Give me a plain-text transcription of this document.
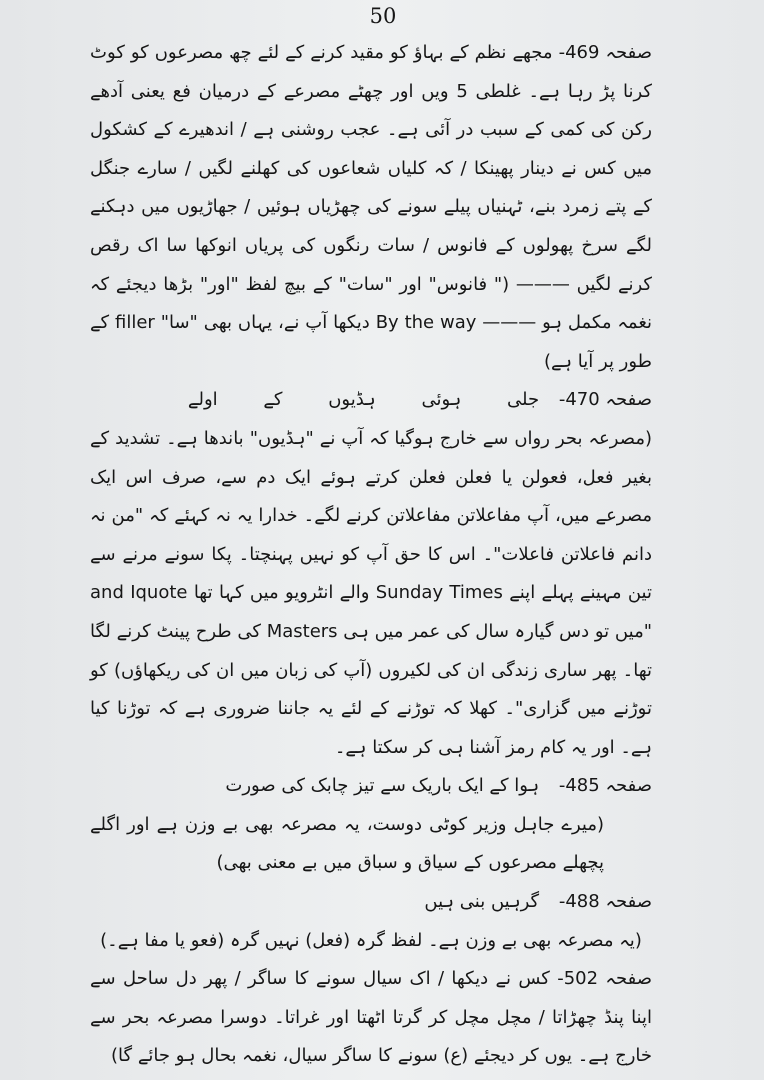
50

صفحہ 469- مجھے نظم کے بہاؤ کو مقید کرنے کے لئے چھ مصرعوں کو کوٹ کرنا پڑ رہا ہے۔ غلطی 5 ویں اور چھٹے مصرعے کے درمیان فع یعنی آدھے رکن کی کمی کے سبب در آئی ہے۔ عجب روشنی ہے / اندھیرے کے کشکول میں کس نے دینار پھینکا / کہ کلیاں شعاعوں کی کھلنے لگیں / سارے جنگل کے پتے زمرد بنے، ٹہنیاں پیلے سونے کی چھڑیاں ہوئیں / جھاڑیوں میں دہکنے لگے سرخ پھولوں کے فانوس / سات رنگوں کی پریاں انوکھا سا اک رقص کرنے لگیں ——— (" فانوس" اور "سات" کے بیچ لفظ "اور" بڑھا دیجئے کہ نغمہ مکمل ہو ——— By the way دیکھا آپ نے، یہاں بھی "سا" filler کے طور پر آیا ہے)

صفحہ 470- جلی ہوئی ہڈیوں کے اولے

(مصرعہ بحر رواں سے خارج ہوگیا کہ آپ نے "ہڈیوں" باندھا ہے۔ تشدید کے بغیر فعل، فعولن یا فعلن فعلن کرتے ہوئے ایک دم سے، صرف اس ایک مصرعے میں، آپ مفاعلاتن مفاعلاتن کرنے لگے۔ خدارا یہ نہ کہئے کہ "من نہ دانم فاعلاتن فاعلات"۔ اس کا حق آپ کو نہیں پہنچتا۔ پکا سونے مرنے سے تین مہینے پہلے اپنے Sunday Times والے انٹرویو میں کہا تھا and Iquote "میں تو دس گیارہ سال کی عمر میں ہی Masters کی طرح پینٹ کرنے لگا تھا۔ پھر ساری زندگی ان کی لکیروں (آپ کی زبان میں ان کی ریکھاؤں) کو توڑنے میں گزاری"۔ کھلا کہ توڑنے کے لئے یہ جاننا ضروری ہے کہ توڑنا کیا ہے۔ اور یہ کام رمز آشنا ہی کر سکتا ہے۔

صفحہ 485- ہوا کے ایک باریک سے تیز چابک کی صورت

(میرے جاہل وزیر کوٹی دوست، یہ مصرعہ بھی بے وزن ہے اور اگلے پچھلے مصرعوں کے سیاق و سباق میں بے معنی بھی)

صفحہ 488- گرہیں بنی ہیں

(یہ مصرعہ بھی بے وزن ہے۔ لفظ گرہ (فعل) نہیں گرہ (فعو یا مفا ہے۔)

صفحہ 502- کس نے دیکھا / اک سیال سونے کا ساگر / پھر دل ساحل سے اپنا پنڈ چھڑاتا / مچل مچل کر گرتا اٹھتا اور غراتا۔ دوسرا مصرعہ بحر سے خارج ہے۔ یوں کر دیجئے (ع) سونے کا ساگر سیال، نغمہ بحال ہو جائے گا)
